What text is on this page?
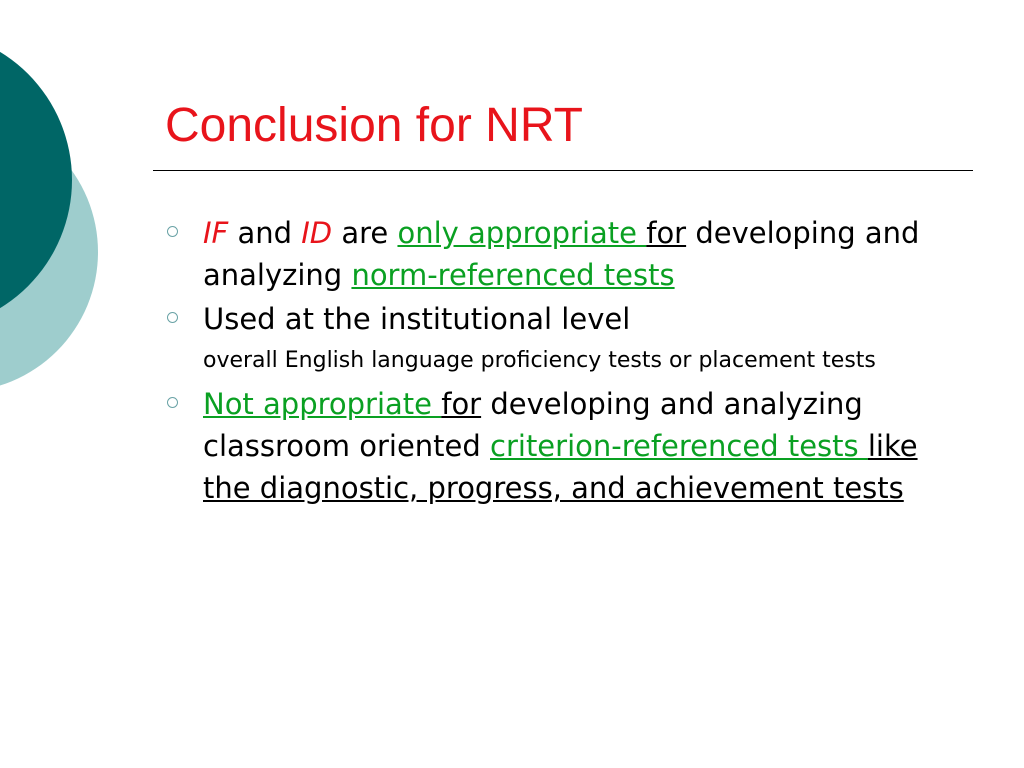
Conclusion for NRT

IF and ID are only appropriate for developing and analyzing norm-referenced tests

Used at the institutional level

overall English language proficiency tests or placement tests

Not appropriate for developing and analyzing classroom oriented criterion-referenced tests like the diagnostic, progress, and achievement tests
